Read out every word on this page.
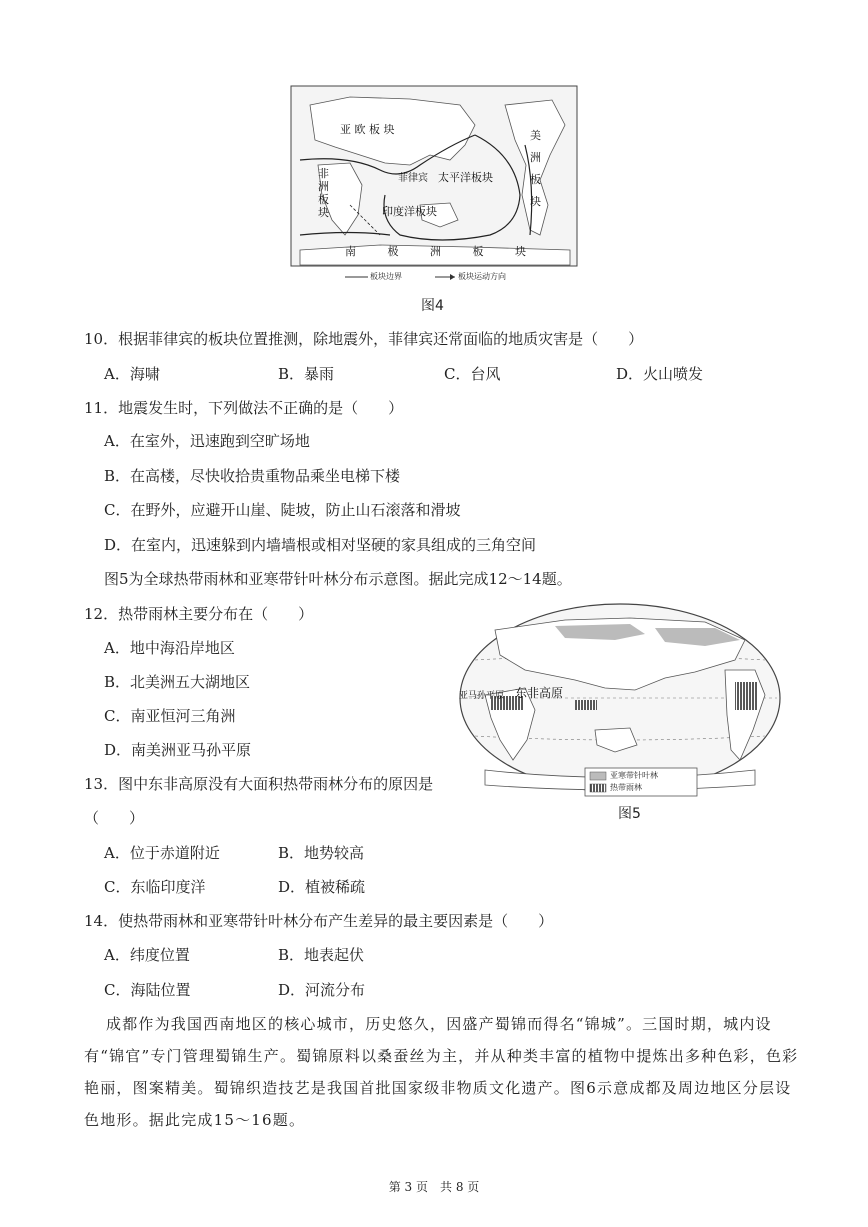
亚 欧 板 块
非 洲 板 块
菲律宾 太平洋板块
印度洋板块
美 洲 板 块
南 极 洲 板 块
板块边界	板块运动方向
图4
10．根据菲律宾的板块位置推测，除地震外，菲律宾还常面临的地质灾害是（　　）
A．海啸	B．暴雨	C．台风	D．火山喷发
11．地震发生时，下列做法不正确的是（　　）
A．在室外，迅速跑到空旷场地
B．在高楼，尽快收拾贵重物品乘坐电梯下楼
C．在野外，应避开山崖、陡坡，防止山石滚落和滑坡
D．在室内，迅速躲到内墙墙根或相对坚硬的家具组成的三角空间
图5为全球热带雨林和亚寒带针叶林分布示意图。据此完成12～14题。
12．热带雨林主要分布在（　　）
A．地中海沿岸地区
B．北美洲五大湖地区
C．南亚恒河三角洲
D．南美洲亚马孙平原
东非高原
亚马孙平原
亚寒带针叶林
热带雨林
图5
13．图中东非高原没有大面积热带雨林分布的原因是
（　　）
A．位于赤道附近	B．地势较高
C．东临印度洋	D．植被稀疏
14．使热带雨林和亚寒带针叶林分布产生差异的最主要因素是（　　）
A．纬度位置	B．地表起伏
C．海陆位置	D．河流分布
成都作为我国西南地区的核心城市，历史悠久，因盛产蜀锦而得名“锦城”。三国时期，城内设有“锦官”专门管理蜀锦生产。蜀锦原料以桑蚕丝为主，并从种类丰富的植物中提炼出多种色彩，色彩艳丽，图案精美。蜀锦织造技艺是我国首批国家级非物质文化遗产。图6示意成都及周边地区分层设色地形。据此完成15～16题。
第 3 页　共 8 页
